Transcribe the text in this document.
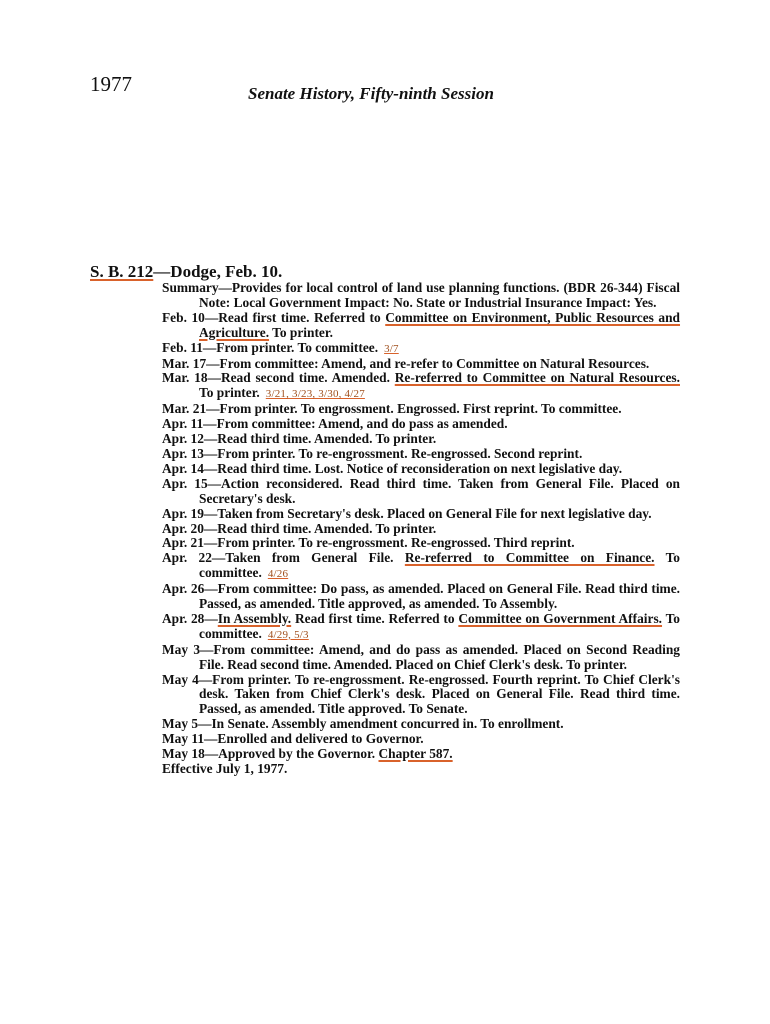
1977	Senate History, Fifty-ninth Session
S. B. 212—Dodge, Feb. 10.

Summary—Provides for local control of land use planning functions. (BDR 26-344) Fiscal Note: Local Government Impact: No. State or Industrial Insurance Impact: Yes.

Feb. 10—Read first time. Referred to Committee on Environment, Public Resources and Agriculture. To printer.

Feb. 11—From printer. To committee. 3/7

Mar. 17—From committee: Amend, and re-refer to Committee on Natural Resources.

Mar. 18—Read second time. Amended. Re-referred to Committee on Natural Resources. To printer. 3/21, 3/23, 3/30, 4/27

Mar. 21—From printer. To engrossment. Engrossed. First reprint. To committee.

Apr. 11—From committee: Amend, and do pass as amended.

Apr. 12—Read third time. Amended. To printer.

Apr. 13—From printer. To re-engrossment. Re-engrossed. Second reprint.

Apr. 14—Read third time. Lost. Notice of reconsideration on next legislative day.

Apr. 15—Action reconsidered. Read third time. Taken from General File. Placed on Secretary's desk.

Apr. 19—Taken from Secretary's desk. Placed on General File for next legislative day.

Apr. 20—Read third time. Amended. To printer.

Apr. 21—From printer. To re-engrossment. Re-engrossed. Third reprint.

Apr. 22—Taken from General File. Re-referred to Committee on Finance. To committee. 4/26

Apr. 26—From committee: Do pass, as amended. Placed on General File. Read third time. Passed, as amended. Title approved, as amended. To Assembly.

Apr. 28—In Assembly. Read first time. Referred to Committee on Government Affairs. To committee. 4/29, 5/3

May 3—From committee: Amend, and do pass as amended. Placed on Second Reading File. Read second time. Amended. Placed on Chief Clerk's desk. To printer.

May 4—From printer. To re-engrossment. Re-engrossed. Fourth reprint. To Chief Clerk's desk. Taken from Chief Clerk's desk. Placed on General File. Read third time. Passed, as amended. Title approved. To Senate.

May 5—In Senate. Assembly amendment concurred in. To enrollment.

May 11—Enrolled and delivered to Governor.

May 18—Approved by the Governor. Chapter 587.

Effective July 1, 1977.
